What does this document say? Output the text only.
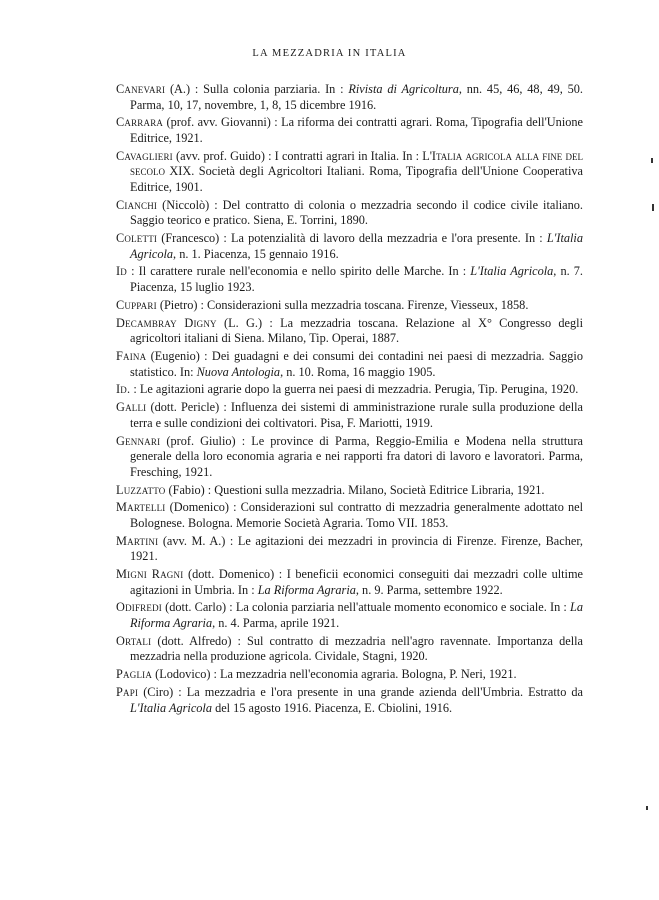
LA MEZZADRIA IN ITALIA
Canevari (A.) : Sulla colonia parziaria. In : Rivista di Agricoltura, nn. 45, 46, 48, 49, 50. Parma, 10, 17, novembre, 1, 8, 15 dicembre 1916.
Carrara (prof. avv. Giovanni) : La riforma dei contratti agrari. Roma, Tipografia dell'Unione Editrice, 1921.
Cavaglieri (avv. prof. Guido) : I contratti agrari in Italia. In : L'Italia agricola alla fine del secolo XIX. Società degli Agricoltori Italiani. Roma, Tipografia dell'Unione Cooperativa Editrice, 1901.
Cianchi (Niccolò) : Del contratto di colonia o mezzadria secondo il codice civile italiano. Saggio teorico e pratico. Siena, E. Torrini, 1890.
Coletti (Francesco) : La potenzialità di lavoro della mezzadria e l'ora presente. In : L'Italia Agricola, n. 1. Piacenza, 15 gennaio 1916.
Id : Il carattere rurale nell'economia e nello spirito delle Marche. In : L'Italia Agricola, n. 7. Piacenza, 15 luglio 1923.
Cuppari (Pietro) : Considerazioni sulla mezzadria toscana. Firenze, Viesseux, 1858.
Decambray Digny (L. G.) : La mezzadria toscana. Relazione al X° Congresso degli agricoltori italiani di Siena. Milano, Tip. Operai, 1887.
Faina (Eugenio) : Dei guadagni e dei consumi dei contadini nei paesi di mezzadria. Saggio statistico. In: Nuova Antologia, n. 10. Roma, 16 maggio 1905.
Id. : Le agitazioni agrarie dopo la guerra nei paesi di mezzadria. Perugia, Tip. Perugina, 1920.
Galli (dott. Pericle) : Influenza dei sistemi di amministrazione rurale sulla produzione della terra e sulle condizioni dei coltivatori. Pisa, F. Mariotti, 1919.
Gennari (prof. Giulio) : Le province di Parma, Reggio-Emilia e Modena nella struttura generale della loro economia agraria e nei rapporti fra datori di lavoro e lavoratori. Parma, Fresching, 1921.
Luzzatto (Fabio) : Questioni sulla mezzadria. Milano, Società Editrice Libraria, 1921.
Martelli (Domenico) : Considerazioni sul contratto di mezzadria generalmente adottato nel Bolognese. Bologna. Memorie Società Agraria. Tomo VII. 1853.
Martini (avv. M. A.) : Le agitazioni dei mezzadri in provincia di Firenze. Firenze, Bacher, 1921.
Migni Ragni (dott. Domenico) : I beneficii economici conseguiti dai mezzadri colle ultime agitazioni in Umbria. In : La Riforma Agraria, n. 9. Parma, settembre 1922.
Odifredi (dott. Carlo) : La colonia parziaria nell'attuale momento economico e sociale. In : La Riforma Agraria, n. 4. Parma, aprile 1921.
Ortali (dott. Alfredo) : Sul contratto di mezzadria nell'agro ravennate. Importanza della mezzadria nella produzione agricola. Cividale, Stagni, 1920.
Paglia (Lodovico) : La mezzadria nell'economia agraria. Bologna, P. Neri, 1921.
Papi (Ciro) : La mezzadria e l'ora presente in una grande azienda dell'Umbria. Estratto da L'Italia Agricola del 15 agosto 1916. Piacenza, E. Cbiolini, 1916.
